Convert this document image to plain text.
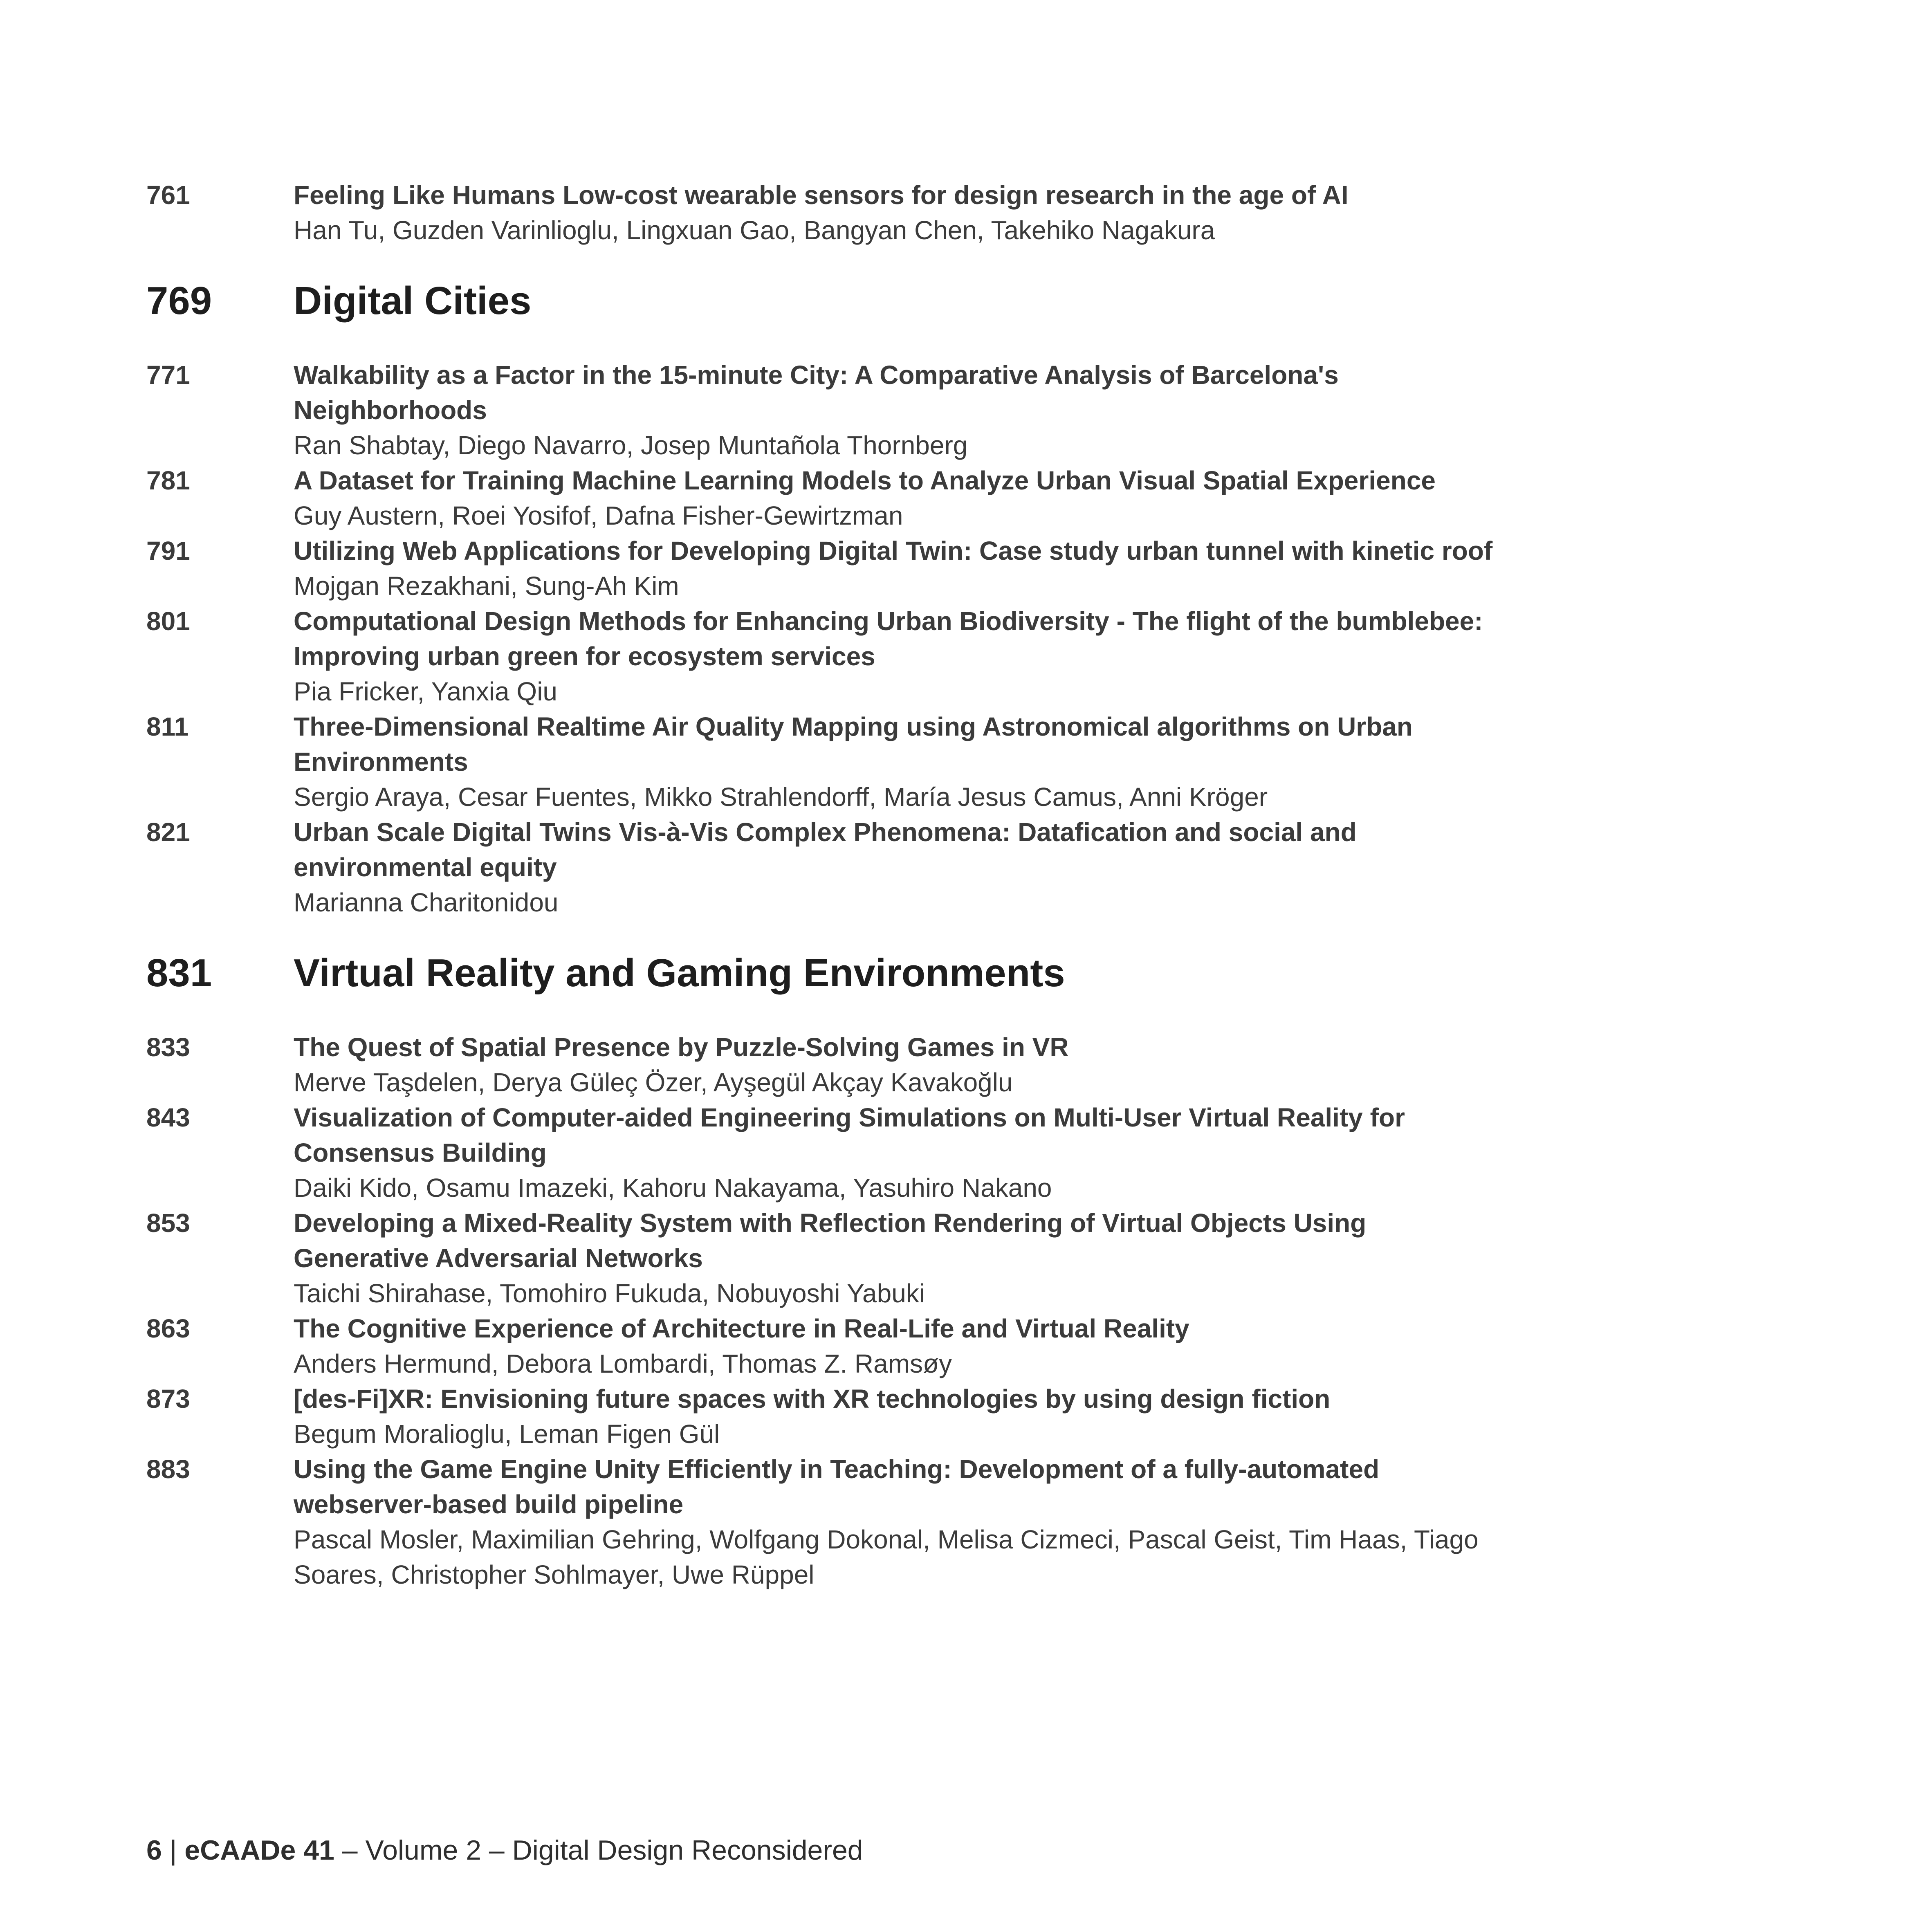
761	Feeling Like Humans Low-cost wearable sensors for design research in the age of AI
Han Tu, Guzden Varinlioglu, Lingxuan Gao, Bangyan Chen, Takehiko Nagakura
769	Digital Cities
771	Walkability as a Factor in the 15-minute City: A Comparative Analysis of Barcelona's Neighborhoods
Ran Shabtay, Diego Navarro, Josep Muntañola Thornberg
781	A Dataset for Training Machine Learning Models to Analyze Urban Visual Spatial Experience
Guy Austern, Roei Yosifof, Dafna Fisher-Gewirtzman
791	Utilizing Web Applications for Developing Digital Twin: Case study urban tunnel with kinetic roof
Mojgan Rezakhani, Sung-Ah Kim
801	Computational Design Methods for Enhancing Urban Biodiversity - The flight of the bumblebee: Improving urban green for ecosystem services
Pia Fricker, Yanxia Qiu
811	Three-Dimensional Realtime Air Quality Mapping using Astronomical algorithms on Urban Environments
Sergio Araya, Cesar Fuentes, Mikko Strahlendorff, María Jesus Camus, Anni Kröger
821	Urban Scale Digital Twins Vis-à-Vis Complex Phenomena: Datafication and social and environmental equity
Marianna Charitonidou
831	Virtual Reality and Gaming Environments
833	The Quest of Spatial Presence by Puzzle-Solving Games in VR
Merve Taşdelen, Derya Güleç Özer, Ayşegül Akçay Kavakoğlu
843	Visualization of Computer-aided Engineering Simulations on Multi-User Virtual Reality for Consensus Building
Daiki Kido, Osamu Imazeki, Kahoru Nakayama, Yasuhiro Nakano
853	Developing a Mixed-Reality System with Reflection Rendering of Virtual Objects Using Generative Adversarial Networks
Taichi Shirahase, Tomohiro Fukuda, Nobuyoshi Yabuki
863	The Cognitive Experience of Architecture in Real-Life and Virtual Reality
Anders Hermund, Debora Lombardi, Thomas Z. Ramsøy
873	[des-Fi]XR: Envisioning future spaces with XR technologies by using design fiction
Begum Moralioglu, Leman Figen Gül
883	Using the Game Engine Unity Efficiently in Teaching: Development of a fully-automated webserver-based build pipeline
Pascal Mosler, Maximilian Gehring, Wolfgang Dokonal, Melisa Cizmeci, Pascal Geist, Tim Haas, Tiago Soares, Christopher Sohlmayer, Uwe Rüppel
6 | eCAADe 41 – Volume 2 – Digital Design Reconsidered
